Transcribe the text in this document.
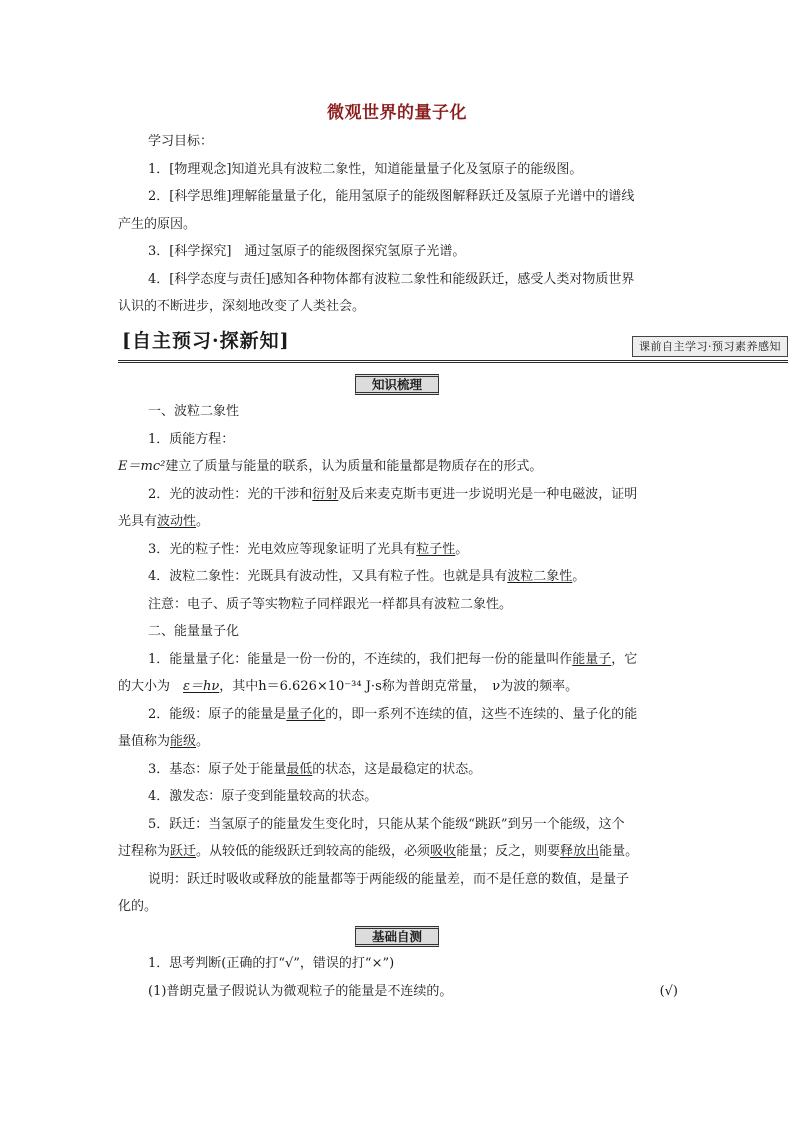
微观世界的量子化

学习目标：

1．[物理观念]知道光具有波粒二象性，知道能量量子化及氢原子的能级图。

2．[科学思维]理解能量量子化，能用氢原子的能级图解释跃迁及氢原子光谱中的谱线

产生的原因。

3．[科学探究]　通过氢原子的能级图探究氢原子光谱。

4．[科学态度与责任]感知各种物体都有波粒二象性和能级跃迁，感受人类对物质世界

认识的不断进步，深刻地改变了人类社会。

[自主预习·探新知]	课前自主学习·预习素养感知
知识梳理

一、波粒二象性

1．质能方程：

E＝mc²建立了质量与能量的联系，认为质量和能量都是物质存在的形式。

2．光的波动性：光的干涉和衍射及后来麦克斯韦更进一步说明光是一种电磁波，证明

光具有波动性。

3．光的粒子性：光电效应等现象证明了光具有粒子性。

4．波粒二象性：光既具有波动性，又具有粒子性。也就是具有波粒二象性。

注意：电子、质子等实物粒子同样跟光一样都具有波粒二象性。

二、能量量子化

1．能量量子化：能量是一份一份的，不连续的，我们把每一份的能量叫作能量子，它

的大小为　ε＝hν，其中h＝6.626×10⁻³⁴ J·s称为普朗克常量，　ν为波的频率。

2．能级：原子的能量是量子化的，即一系列不连续的值，这些不连续的、量子化的能

量值称为能级。

3．基态：原子处于能量最低的状态，这是最稳定的状态。

4．激发态：原子变到能量较高的状态。

5．跃迁：当氢原子的能量发生变化时，只能从某个能级“跳跃”到另一个能级，这个

过程称为跃迁。从较低的能级跃迁到较高的能级，必须吸收能量；反之，则要释放出能量。

说明：跃迁时吸收或释放的能量都等于两能级的能量差，而不是任意的数值，是量子

化的。

基础自测

1．思考判断(正确的打“√”，错误的打“×”)

(1)普朗克量子假说认为微观粒子的能量是不连续的。	(√)
